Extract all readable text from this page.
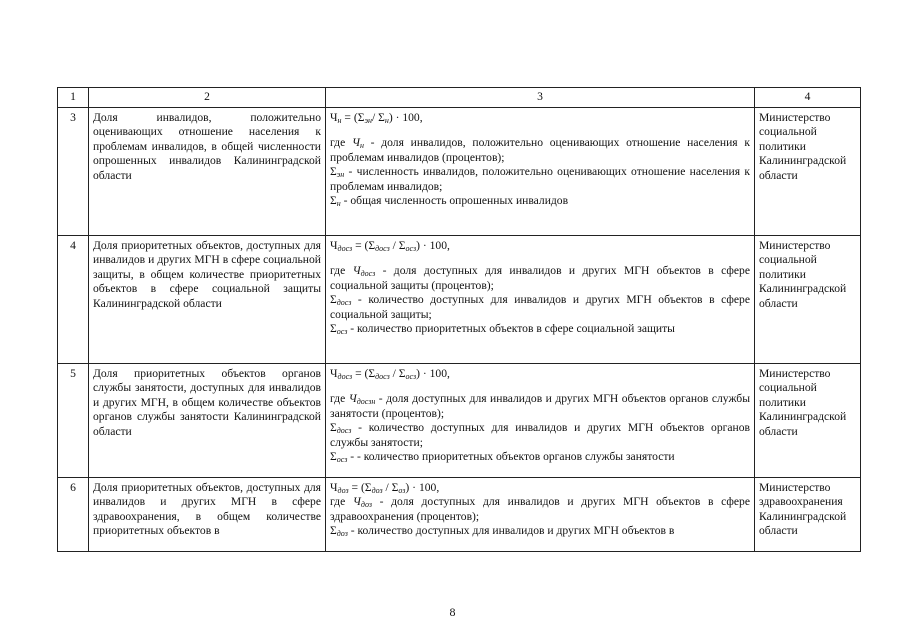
1	2	3	4
3	Доля инвалидов, положительно оценивающих отношение населения к проблемам инвалидов, в общей численности опрошенных инвалидов Калининградской области	$Ч_н = (\Sigma_{эн}/$ $\Sigma_н) \cdot 100$,

где $Ч_н$ - доля инвалидов, положительно оценивающих отношение населения к проблемам инвалидов (процентов);

$\Sigma_{эн}$ - численность инвалидов, положительно оценивающих отношение населения к проблемам инвалидов;

$\Sigma_н$ - общая численность опрошенных инвалидов	Министерство социальной политики Калининградской области
4	Доля приоритетных объектов, доступных для инвалидов и других МГН в сфере социальной защиты, в общем количестве приоритетных объектов в сфере социальной защиты Калининградской области	$Ч_{досз} = (\Sigma_{досз} / \Sigma_{осз}) \cdot 100$,

где $Ч_{досз}$ - доля доступных для инвалидов и других МГН объектов в сфере социальной защиты (процентов);

$\Sigma_{досз}$ - количество доступных для инвалидов и других МГН объектов в сфере социальной защиты;

$\Sigma_{осз}$ - количество приоритетных объектов в сфере социальной защиты	Министерство социальной политики Калининградской области
5	Доля приоритетных объектов органов службы занятости, доступных для инвалидов и других МГН, в общем количестве объектов органов службы занятости Калининградской области	$Ч_{досз} = (\Sigma_{досз} / \Sigma_{осз}) \cdot 100$,

где $Ч_{досзн}$ - доля доступных для инвалидов и других МГН объектов органов службы занятости (процентов);

$\Sigma_{досз}$ - количество доступных для инвалидов и других МГН объектов органов службы занятости;

$\Sigma_{осз}$ - - количество приоритетных объектов органов службы занятости	Министерство социальной политики Калининградской области
6	Доля приоритетных объектов, доступных для инвалидов и других МГН в сфере здравоохранения, в общем количестве приоритетных объектов в	$Ч_{доз} = (\Sigma_{доз} / \Sigma_{оз}) \cdot 100$,

где $Ч_{доз}$ - доля доступных для инвалидов и других МГН объектов в сфере здравоохранения (процентов);

$\Sigma_{доз}$ - количество доступных для инвалидов и других МГН объектов в	Министерство здравоохранения Калининградской области
8
